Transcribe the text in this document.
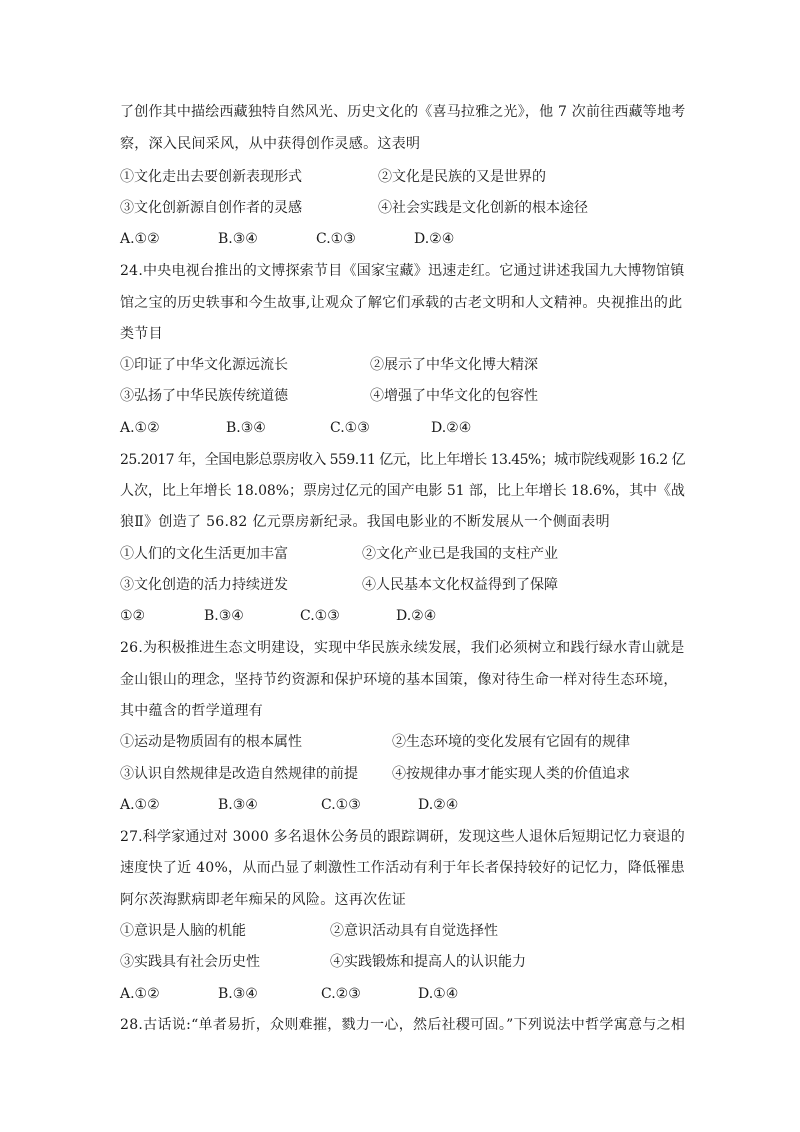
了创作其中描绘西藏独特自然风光、历史文化的《喜马拉雅之光》，他 7 次前往西藏等地考
察，深入民间采风，从中获得创作灵感。这表明
①文化走出去要创新表现形式	②文化是民族的又是世界的
③文化创新源自创作者的灵感	④社会实践是文化创新的根本途径
A.①②	B.③④	C.①③	D.②④
24.中央电视台推出的文博探索节目《国家宝藏》迅速走红。它通过讲述我国九大博物馆镇
馆之宝的历史轶事和今生故事,让观众了解它们承载的古老文明和人文精神。央视推出的此
类节目
①印证了中华文化源远流长	②展示了中华文化博大精深
③弘扬了中华民族传统道德	④增强了中华文化的包容性
A.①②	B.③④	C.①③	D.②④
25.2017 年，全国电影总票房收入 559.11 亿元，比上年增长 13.45%；城市院线观影 16.2 亿
人次，比上年增长 18.08%；票房过亿元的国产电影 51 部，比上年增长 18.6%，其中《战
狼Ⅱ》创造了 56.82 亿元票房新纪录。我国电影业的不断发展从一个侧面表明
①人们的文化生活更加丰富	②文化产业已是我国的支柱产业
③文化创造的活力持续迸发	④人民基本文化权益得到了保障
①②	B.③④	C.①③	D.②④
26.为积极推进生态文明建设，实现中华民族永续发展，我们必须树立和践行绿水青山就是
金山银山的理念，坚持节约资源和保护环境的基本国策，像对待生命一样对待生态环境，
其中蕴含的哲学道理有
①运动是物质固有的根本属性	②生态环境的变化发展有它固有的规律
③认识自然规律是改造自然规律的前提 ④按规律办事才能实现人类的价值追求
A.①②	B.③④	C.①③	D.②④
27.科学家通过对 3000 多名退休公务员的跟踪调研，发现这些人退休后短期记忆力衰退的
速度快了近 40%，从而凸显了刺激性工作活动有利于年长者保持较好的记忆力，降低罹患
阿尔茨海默病即老年痴呆的风险。这再次佐证
①意识是人脑的机能	②意识活动具有自觉选择性
③实践具有社会历史性	④实践锻炼和提高人的认识能力
A.①②	B.③④	C.②③	D.①④
28.古话说:“单者易折，众则难摧，戮力一心，然后社稷可固。”下列说法中哲学寓意与之相
